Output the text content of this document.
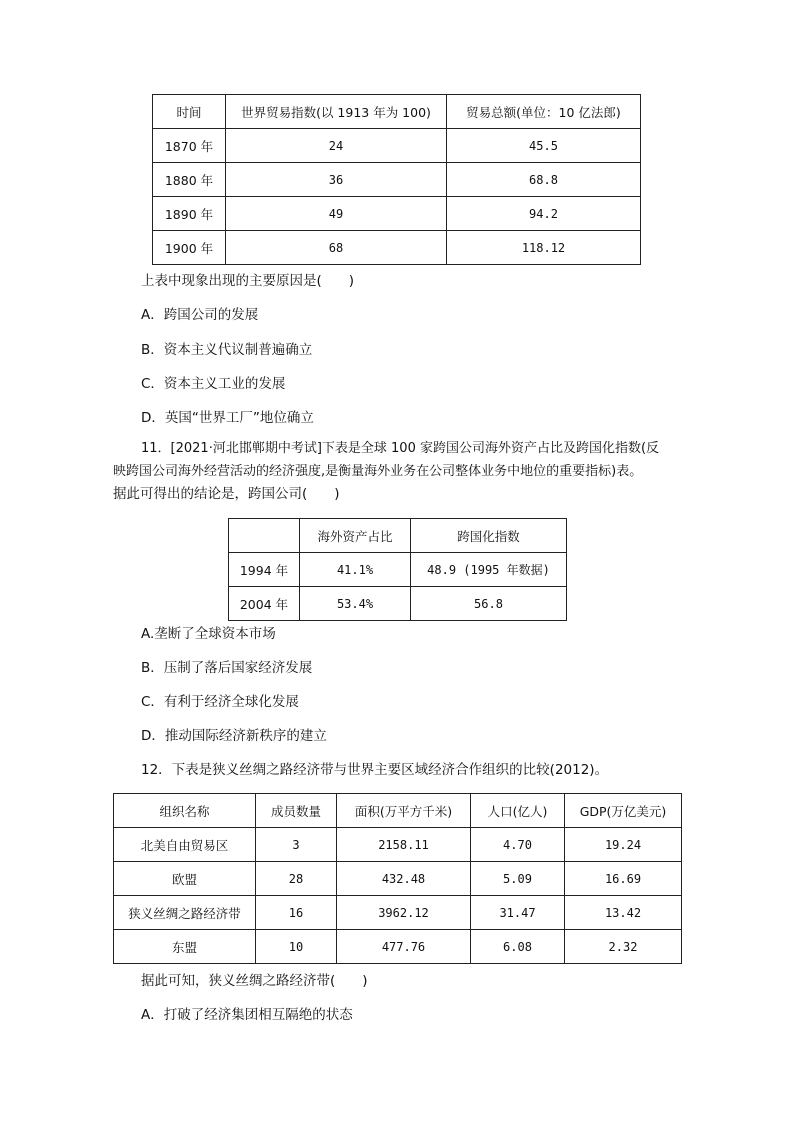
时间	世界贸易指数(以 1913 年为 100)	贸易总额(单位：10 亿法郎)
1870 年	24	45.5
1880 年	36	68.8
1890 年	49	94.2
1900 年	68	118.12
上表中现象出现的主要原因是(　　)
A．跨国公司的发展
B．资本主义代议制普遍确立
C．资本主义工业的发展
D．英国“世界工厂”地位确立
11．[2021·河北邯郸期中考试]下表是全球 100 家跨国公司海外资产占比及跨国化指数(反
映跨国公司海外经营活动的经济强度,是衡量海外业务在公司整体业务中地位的重要指标)表。
据此可得出的结论是，跨国公司(　　)
	海外资产占比	跨国化指数
1994 年	41.1%	48.9 (1995 年数据)
2004 年	53.4%	56.8
A.垄断了全球资本市场
B．压制了落后国家经济发展
C．有利于经济全球化发展
D．推动国际经济新秩序的建立
12．下表是狭义丝绸之路经济带与世界主要区域经济合作组织的比较(2012)。
组织名称	成员数量	面积(万平方千米)	人口(亿人)	GDP(万亿美元)
北美自由贸易区	3	2158.11	4.70	19.24
欧盟	28	432.48	5.09	16.69
狭义丝绸之路经济带	16	3962.12	31.47	13.42
东盟	10	477.76	6.08	2.32
据此可知，狭义丝绸之路经济带(　　)
A．打破了经济集团相互隔绝的状态
